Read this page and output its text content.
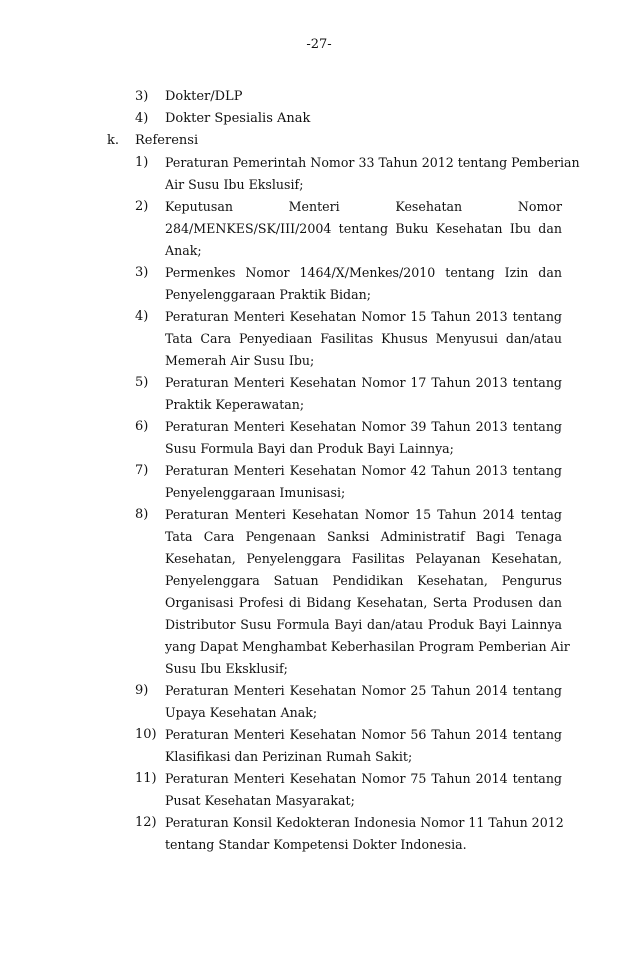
-27-
3) Dokter/DLP
4) Dokter Spesialis Anak
k. Referensi
1) Peraturan Pemerintah Nomor 33 Tahun 2012 tentang Pemberian
Air Susu Ibu Ekslusif;
2) Keputusan Menteri Kesehatan Nomor
284/MENKES/SK/III/2004 tentang Buku Kesehatan Ibu dan
Anak;
3) Permenkes Nomor 1464/X/Menkes/2010 tentang Izin dan
Penyelenggaraan Praktik Bidan;
4) Peraturan Menteri Kesehatan Nomor 15 Tahun 2013 tentang
Tata Cara Penyediaan Fasilitas Khusus Menyusui dan/atau
Memerah Air Susu Ibu;
5) Peraturan Menteri Kesehatan Nomor 17 Tahun 2013 tentang
Praktik Keperawatan;
6) Peraturan Menteri Kesehatan Nomor 39 Tahun 2013 tentang
Susu Formula Bayi dan Produk Bayi Lainnya;
7) Peraturan Menteri Kesehatan Nomor 42 Tahun 2013 tentang
Penyelenggaraan Imunisasi;
8) Peraturan Menteri Kesehatan Nomor 15 Tahun 2014 tentag
Tata Cara Pengenaan Sanksi Administratif Bagi Tenaga
Kesehatan, Penyelenggara Fasilitas Pelayanan Kesehatan,
Penyelenggara Satuan Pendidikan Kesehatan, Pengurus
Organisasi Profesi di Bidang Kesehatan, Serta Produsen dan
Distributor Susu Formula Bayi dan/atau Produk Bayi Lainnya
yang Dapat Menghambat Keberhasilan Program Pemberian Air
Susu Ibu Eksklusif;
9) Peraturan Menteri Kesehatan Nomor 25 Tahun 2014 tentang
Upaya Kesehatan Anak;
10) Peraturan Menteri Kesehatan Nomor 56 Tahun 2014 tentang
Klasifikasi dan Perizinan Rumah Sakit;
11) Peraturan Menteri Kesehatan Nomor 75 Tahun 2014 tentang
Pusat Kesehatan Masyarakat;
12) Peraturan Konsil Kedokteran Indonesia Nomor 11 Tahun 2012
tentang Standar Kompetensi Dokter Indonesia.
